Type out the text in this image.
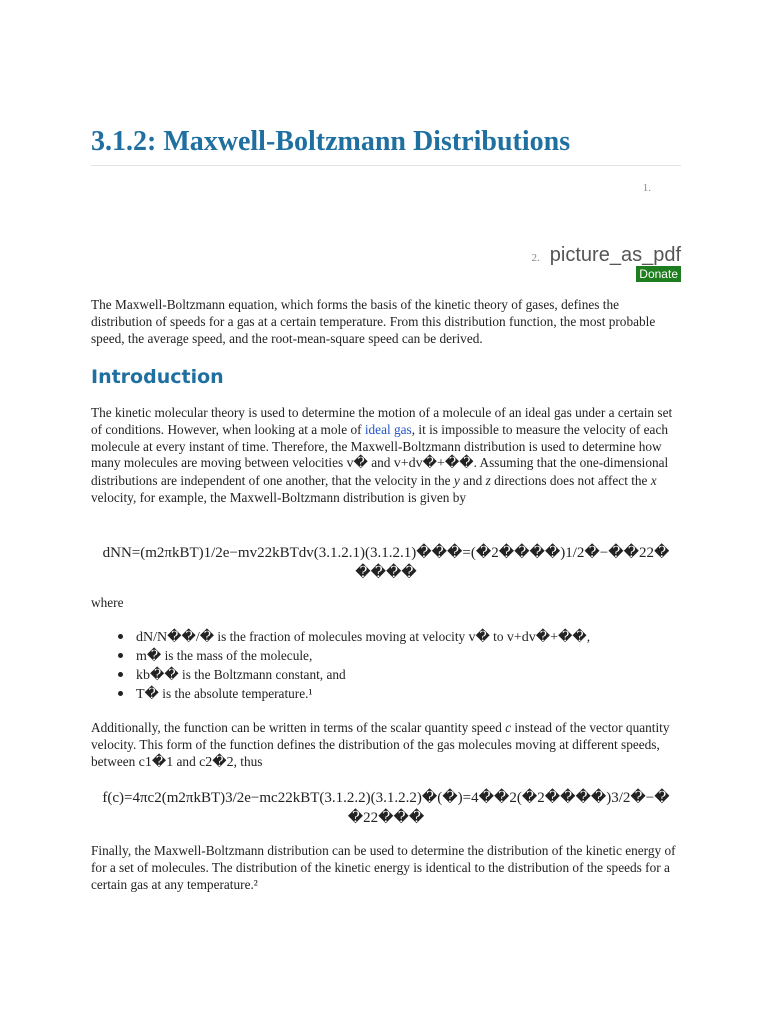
3.1.2: Maxwell-Boltzmann Distributions
1.
2. picture_as_pdf
Donate

The Maxwell-Boltzmann equation, which forms the basis of the kinetic theory of gases, defines the distribution of speeds for a gas at a certain temperature. From this distribution function, the most probable speed, the average speed, and the root-mean-square speed can be derived.

Introduction

The kinetic molecular theory is used to determine the motion of a molecule of an ideal gas under a certain set of conditions. However, when looking at a mole of ideal gas, it is impossible to measure the velocity of each molecule at every instant of time. Therefore, the Maxwell-Boltzmann distribution is used to determine how many molecules are moving between velocities v� and v+dv�+��. Assuming that the one-dimensional distributions are independent of one another, that the velocity in the y and z directions does not affect the x velocity, for example, the Maxwell-Boltzmann distribution is given by

dNN=(m2πkBT)1/2e−mv22kBTdv(3.1.2.1)(3.1.2.1)���=(�2����)1/2�−��22�
����

where

dN/N��/� is the fraction of molecules moving at velocity v� to v+dv�+��,
m� is the mass of the molecule,
kb�� is the Boltzmann constant, and
T� is the absolute temperature.¹

Additionally, the function can be written in terms of the scalar quantity speed c instead of the vector quantity velocity. This form of the function defines the distribution of the gas molecules moving at different speeds, between c1�1 and c2�2, thus

f(c)=4πc2(m2πkBT)3/2e−mc22kBT(3.1.2.2)(3.1.2.2)�(�)=4��2(�2����)3/2�−�
�22���

Finally, the Maxwell-Boltzmann distribution can be used to determine the distribution of the kinetic energy of for a set of molecules. The distribution of the kinetic energy is identical to the distribution of the speeds for a certain gas at any temperature.²
